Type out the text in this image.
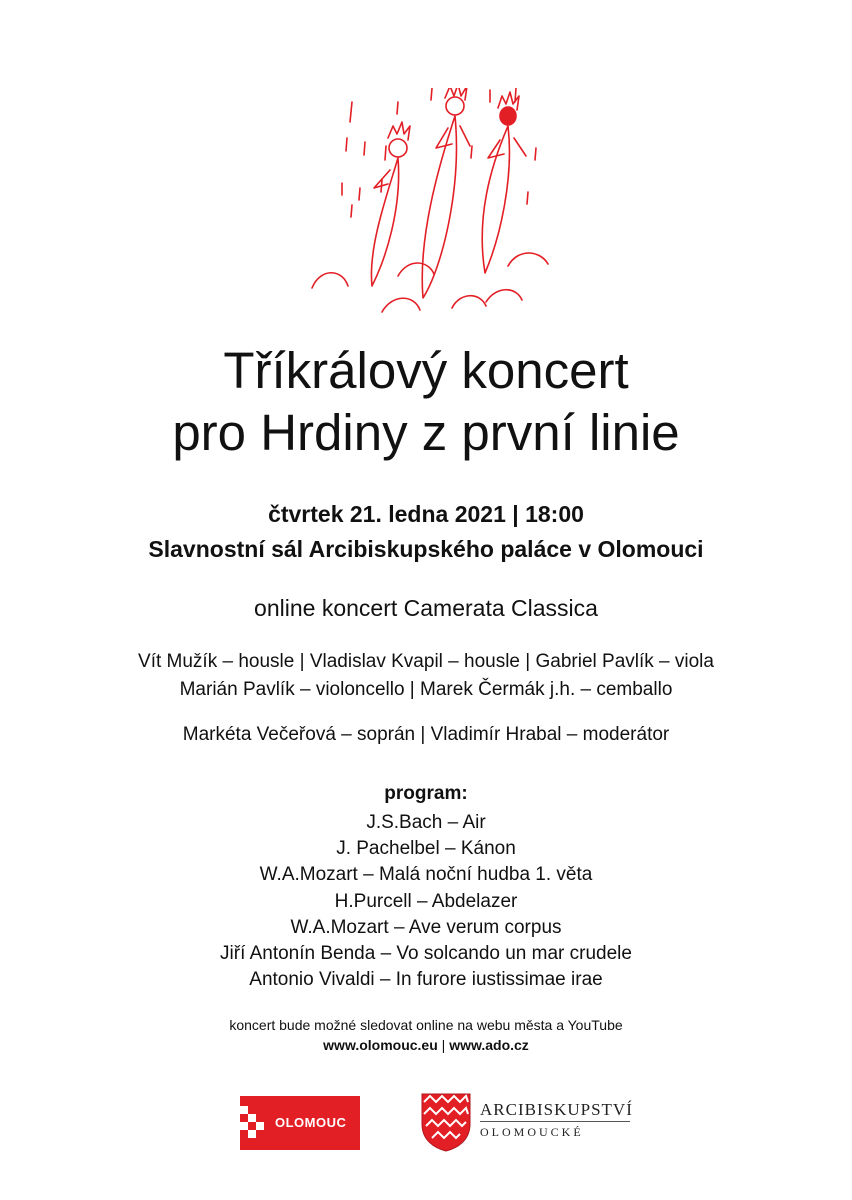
Tříkrálový koncert
pro Hrdiny z první linie
čtvrtek 21. ledna 2021 | 18:00
Slavnostní sál Arcibiskupského paláce v Olomouci
online koncert Camerata Classica
Vít Mužík – housle | Vladislav Kvapil – housle | Gabriel Pavlík – viola
Marián Pavlík – violoncello | Marek Čermák j.h. – cemballo
Markéta Večeřová – soprán | Vladimír Hrabal – moderátor
program:
J.S.Bach – Air
J. Pachelbel – Kánon
W.A.Mozart – Malá noční hudba 1. věta
H.Purcell – Abdelazer
W.A.Mozart – Ave verum corpus
Jiří Antonín Benda – Vo solcando un mar crudele
Antonio Vivaldi – In furore iustissimae irae
koncert bude možné sledovat online na webu města a YouTube
www.olomouc.eu | www.ado.cz
OLOMOUC
ARCIBISKUPSTVÍ
OLOMOUCKÉ
